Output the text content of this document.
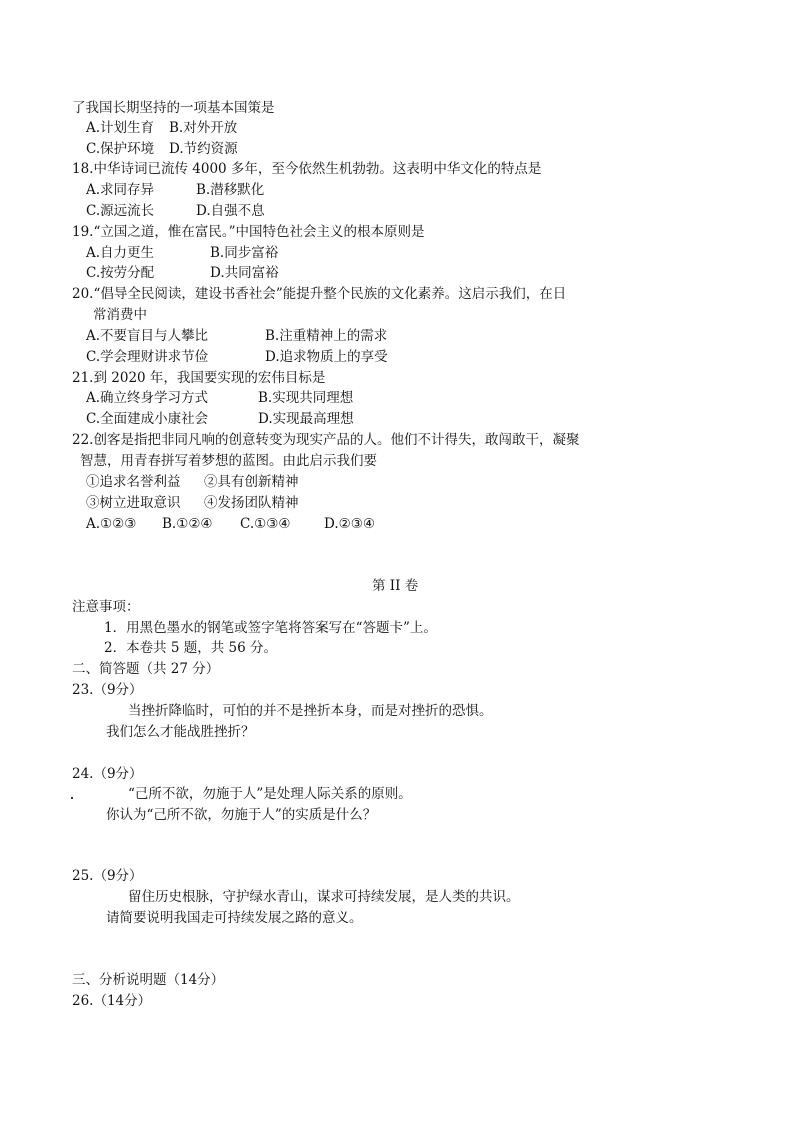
了我国长期坚持的一项基本国策是
A.计划生育 B.对外开放
C.保护环境 D.节约资源
18.中华诗词已流传 4000 多年，至今依然生机勃勃。这表明中华文化的特点是
A.求同存异	B.潜移默化
C.源远流长	D.自强不息
19.“立国之道，惟在富民。”中国特色社会主义的根本原则是
A.自力更生	B.同步富裕
C.按劳分配	D.共同富裕
20.“倡导全民阅读，建设书香社会”能提升整个民族的文化素养。这启示我们，在日
常消费中
A.不要盲目与人攀比	B.注重精神上的需求
C.学会理财讲求节俭	D.追求物质上的享受
21.到 2020 年，我国要实现的宏伟目标是
A.确立终身学习方式	B.实现共同理想
C.全面建成小康社会	D.实现最高理想
22.创客是指把非同凡响的创意转变为现实产品的人。他们不计得失，敢闯敢干，凝聚
智慧，用青春拼写着梦想的蓝图。由此启示我们要
①追求名誉利益 ②具有创新精神
③树立进取意识 ④发扬团队精神
A.①②③ B.①②④ C.①③④ D.②③④
第 II 卷
注意事项：
1．用黑色墨水的钢笔或签字笔将答案写在“答题卡”上。
2．本卷共 5 题，共 56 分。
二、简答题（共 27 分）
23.（9分）
当挫折降临时，可怕的并不是挫折本身，而是对挫折的恐惧。
我们怎么才能战胜挫折？
24.（9分）
“己所不欲，勿施于人”是处理人际关系的原则。
你认为“己所不欲，勿施于人”的实质是什么？
25.（9分）
留住历史根脉，守护绿水青山，谋求可持续发展，是人类的共识。
请简要说明我国走可持续发展之路的意义。
三、分析说明题（14分）
26.（14分）
